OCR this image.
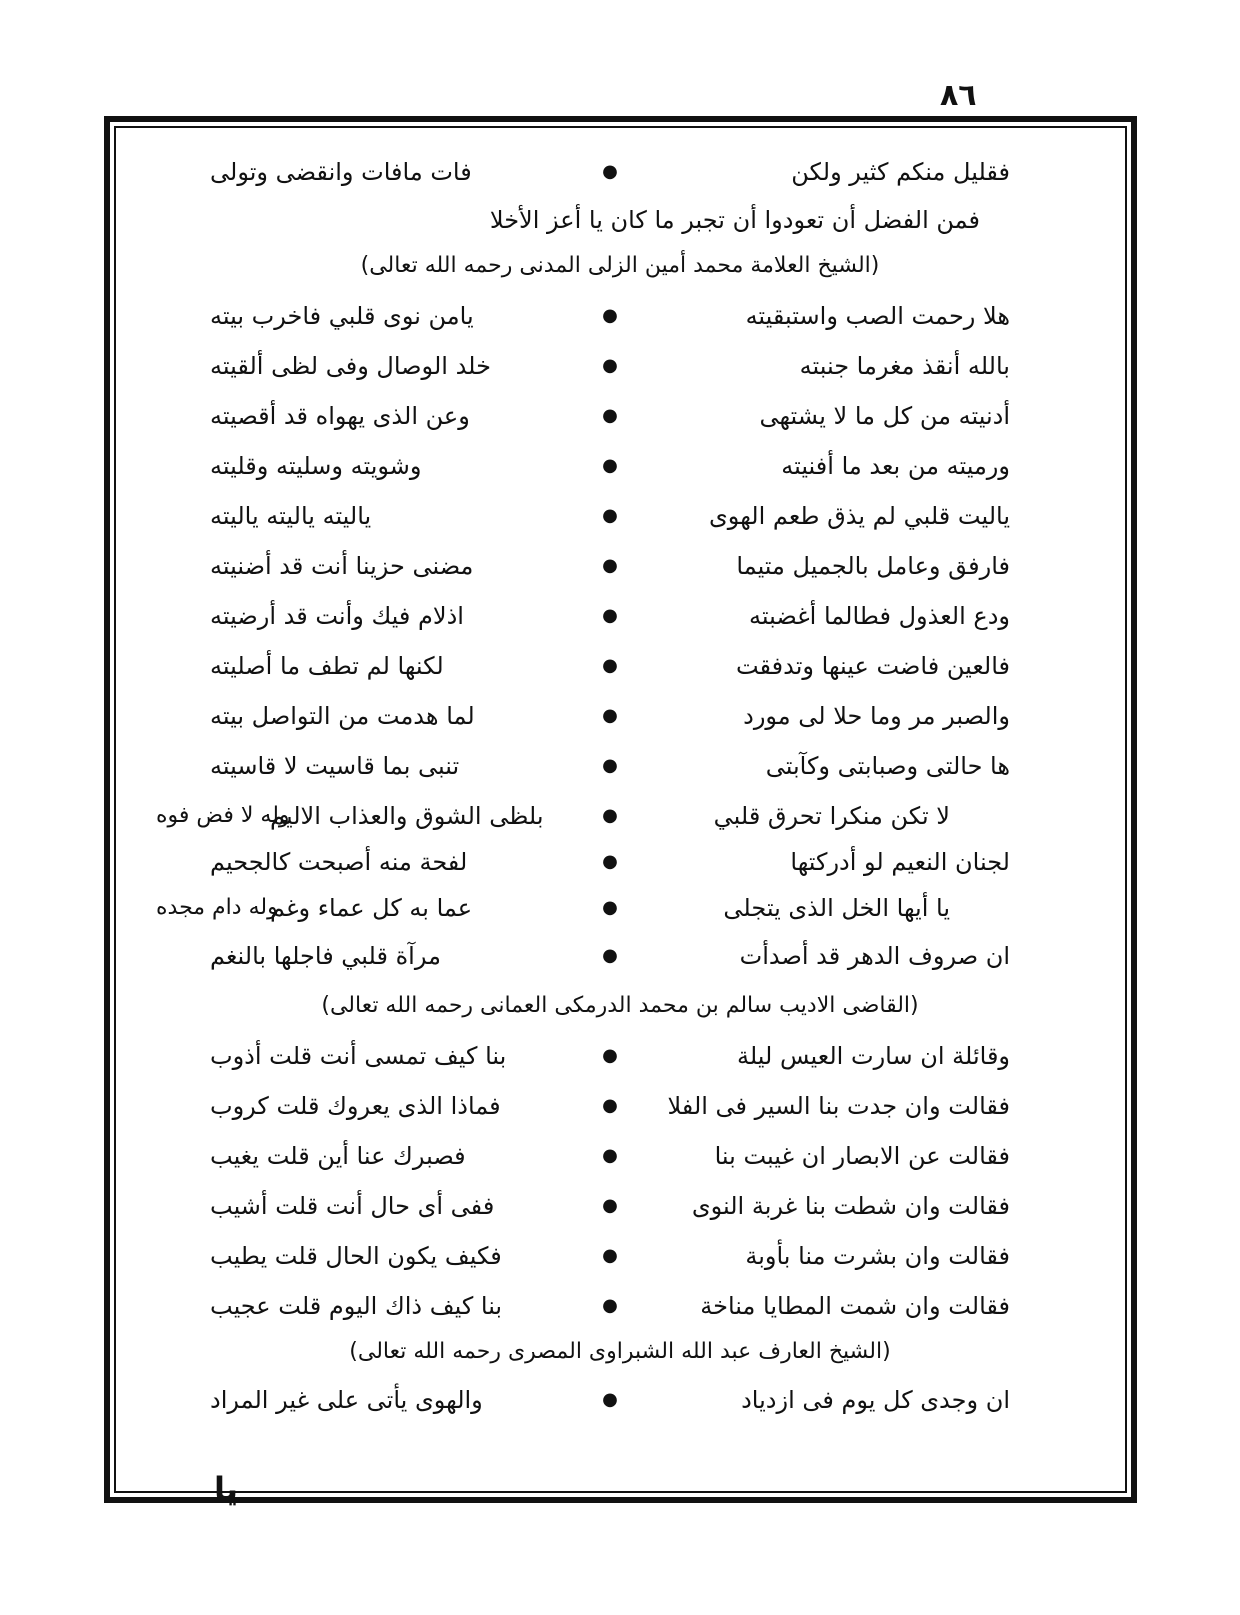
٨٦
فقليل منكم كثير ولكن
●
فات مافات وانقضى وتولى
فمن الفضل أن تعودوا أن تجبر ما كان يا أعز الأخلا
(الشيخ العلامة محمد أمين الزلى المدنى رحمه الله تعالى)
هلا رحمت الصب واستبقيته
●
يامن نوى قلبي فاخرب بيته
بالله أنقذ مغرما جنبته
●
خلد الوصال وفى لظى ألقيته
أدنيته من كل ما لا يشتهى
●
وعن الذى يهواه قد أقصيته
ورميته من بعد ما أفنيته
●
وشويته وسليته وقليته
ياليت قلبي لم يذق طعم الهوى
●
ياليته ياليته ياليته
فارفق وعامل بالجميل متيما
●
مضنى حزينا أنت قد أضنيته
ودع العذول فطالما أغضبته
●
اذلام فيك وأنت قد أرضيته
فالعين فاضت عينها وتدفقت
●
لكنها لم تطف ما أصليته
والصبر مر وما حلا لى مورد
●
لما هدمت من التواصل بيته
ها حالتى وصبابتى وكآبتى
●
تنبى بما قاسيت لا قاسيته
وله لا فض فوه	لا تكن منكرا تحرق قلبي
●
بلظى الشوق والعذاب الاليم
لجنان النعيم لو أدركتها
●
لفحة منه أصبحت كالجحيم
وله دام مجده	يا أيها الخل الذى يتجلى
●
عما به كل عماء وغم
ان صروف الدهر قد أصدأت
●
مرآة قلبي فاجلها بالنغم
(القاضى الاديب سالم بن محمد الدرمكى العمانى رحمه الله تعالى)
وقائلة ان سارت العيس ليلة
●
بنا كيف تمسى أنت قلت أذوب
فقالت وان جدت بنا السير فى الفلا
●
فماذا الذى يعروك قلت كروب
فقالت عن الابصار ان غيبت بنا
●
فصبرك عنا أين قلت يغيب
فقالت وان شطت بنا غربة النوى
●
ففى أى حال أنت قلت أشيب
فقالت وان بشرت منا بأوبة
●
فكيف يكون الحال قلت يطيب
فقالت وان شمت المطايا مناخة
●
بنا كيف ذاك اليوم قلت عجيب
(الشيخ العارف عبد الله الشبراوى المصرى رحمه الله تعالى)
ان وجدى كل يوم فى ازدياد
●
والهوى يأتى على غير المراد
يا
